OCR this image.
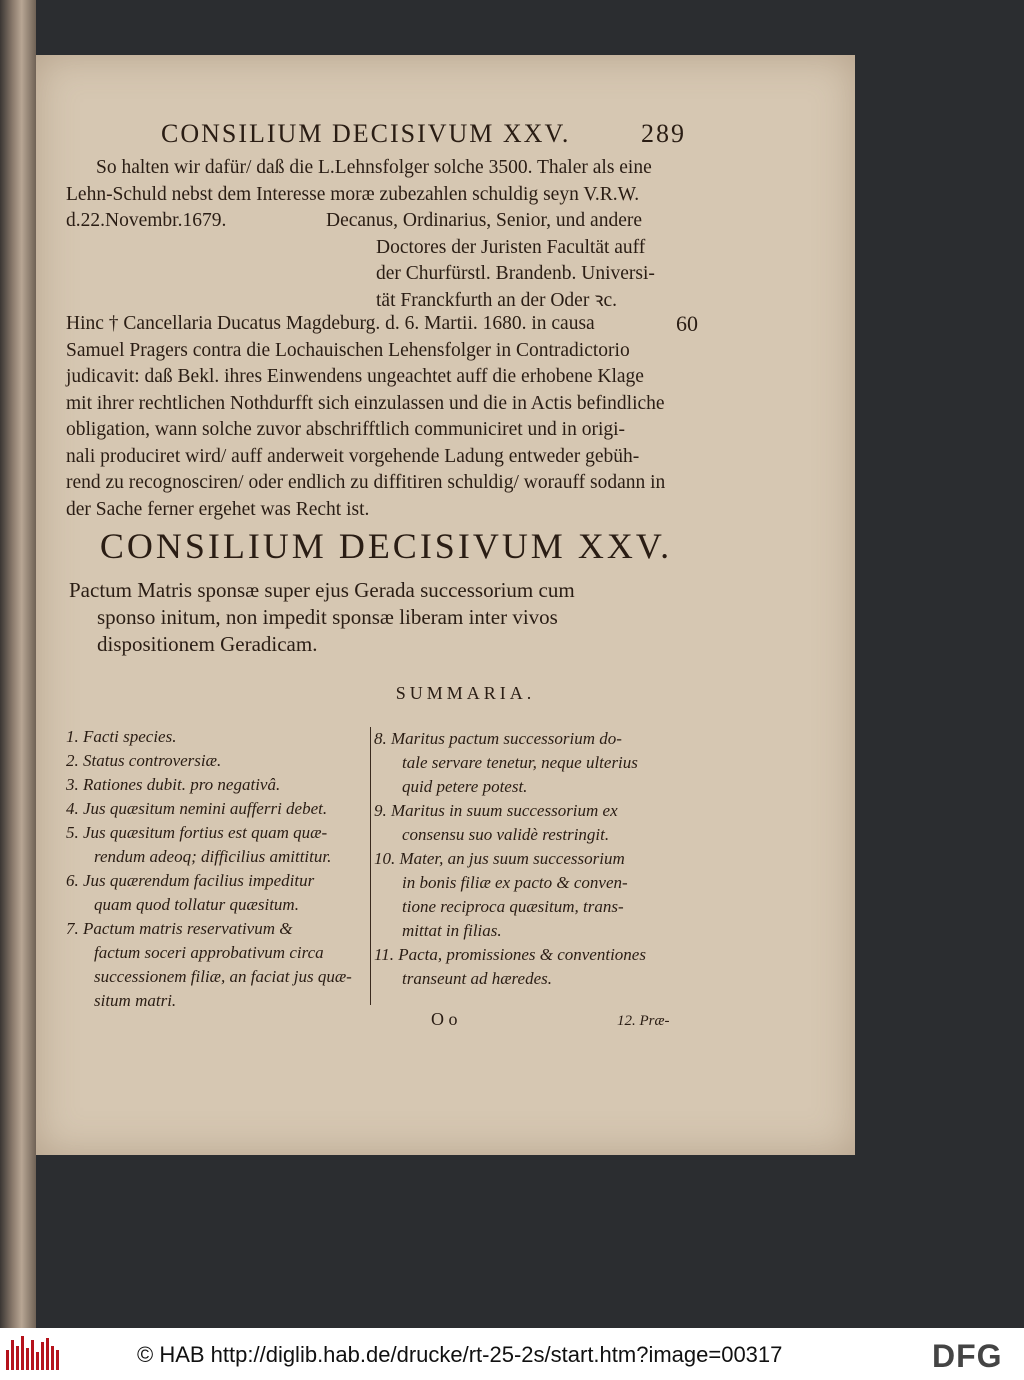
CONSILIUM DECISIVUM XXV.	289
So halten wir dafür/ daß die L.Lehnsfolger solche 3500. Thaler als eine
Lehn-Schuld nebst dem Interesse moræ zubezahlen schuldig seyn V.R.W.
d.22.Novembr.1679.	Decanus, Ordinarius, Senior, und andere
Doctores der Juristen Facultät auff
der Churfürstl. Brandenb. Universi-
tät Franckfurth an der Oder ꝛc.
Hinc † Cancellaria Ducatus Magdeburg. d. 6. Martii. 1680. in causa
Samuel Pragers contra die Lochauischen Lehensfolger in Contradictorio
judicavit: daß Bekl. ihres Einwendens ungeachtet auff die erhobene Klage
mit ihrer rechtlichen Nothdurfft sich einzulassen und die in Actis befindliche
obligation, wann solche zuvor abschrifftlich communiciret und in origi-
nali produciret wird/ auff anderweit vorgehende Ladung entweder gebüh-
rend zu recognosciren/ oder endlich zu diffitiren schuldig/ worauff sodann in
der Sache ferner ergehet was Recht ist.
60
CONSILIUM DECISIVUM XXV.
Pactum Matris sponsæ super ejus Gerada successorium cum
sponso initum, non impedit sponsæ liberam inter vivos
dispositionem Geradicam.
SUMMARIA.
1. Facti species.
2. Status controversiæ.
3. Rationes dubit. pro negativâ.
4. Jus quæsitum nemini aufferri debet.
5. Jus quæsitum fortius est quam quæ-
rendum adeoq; difficilius amittitur.
6. Jus quærendum facilius impeditur
quam quod tollatur quæsitum.
7. Pactum matris reservativum &
factum soceri approbativum circa
successionem filiæ, an faciat jus quæ-
situm matri.
8. Maritus pactum successorium do-
tale servare tenetur, neque ulterius
quid petere potest.
9. Maritus in suum successorium ex
consensu suo validè restringit.
10. Mater, an jus suum successorium
in bonis filiæ ex pacto & conven-
tione reciproca quæsitum, trans-
mittat in filias.
11. Pacta, promissiones & conventiones
transeunt ad hæredes.
O o	12. Præ-
© HAB http://diglib.hab.de/drucke/rt-25-2s/start.htm?image=00317	DFG
